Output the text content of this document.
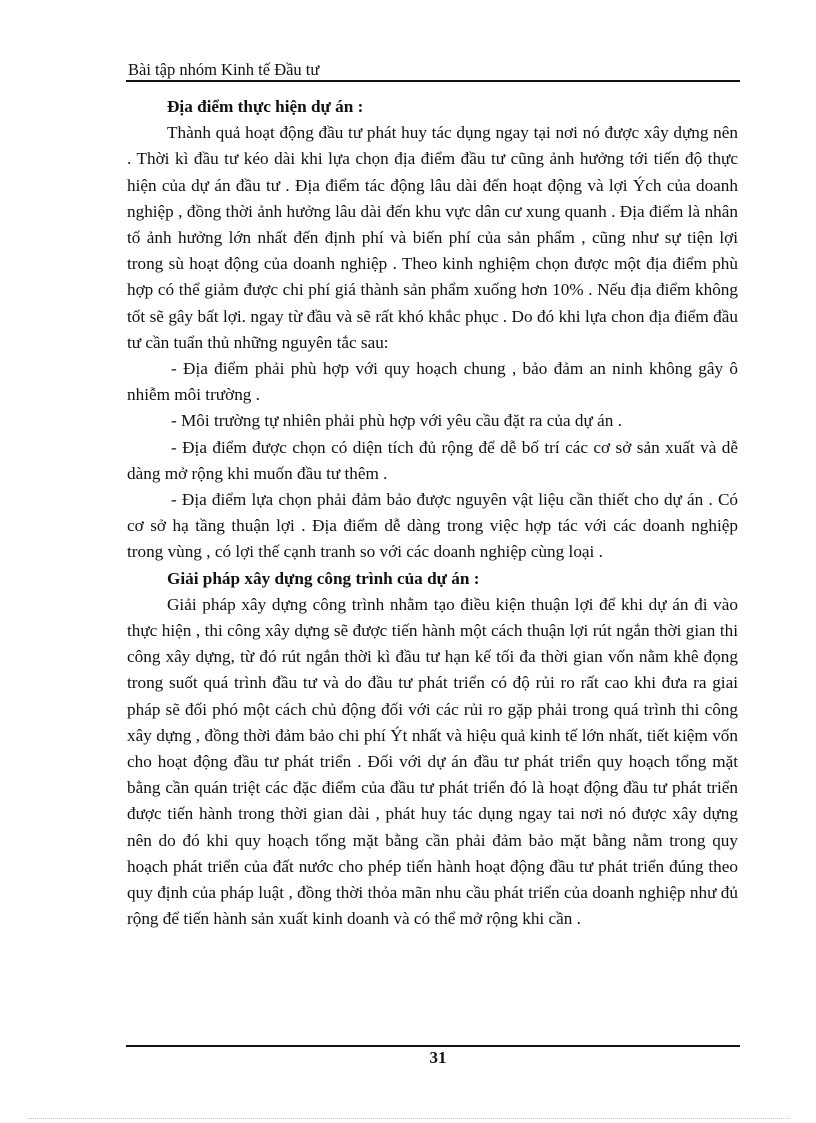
Bài tập nhóm Kinh tế Đầu tư

Địa điểm thực hiện dự án :

Thành quả hoạt động đầu tư phát huy tác dụng ngay tại nơi nó được xây dựng nên . Thời kì đầu tư kéo dài khi lựa chọn địa điểm đầu tư cũng ảnh hưởng tới tiến độ thực hiện của dự án đầu tư . Địa điểm tác động lâu dài đến hoạt động và lợi Ých của doanh nghiệp , đồng thời ảnh hưởng lâu dài đến khu vực dân cư xung quanh . Địa điểm là nhân tố ảnh hưởng lớn nhất đến định phí và biến phí của sản phẩm , cũng như sự tiện lợi trong sù hoạt động của doanh nghiệp . Theo kinh nghiệm chọn được một địa điểm phù hợp có thể giảm được chi phí giá thành sản phẩm xuống hơn 10% . Nếu địa điểm không tốt sẽ gây bất lợi. ngay từ đầu và sẽ rất khó khắc phục . Do đó khi lựa chon địa điểm đầu tư cần tuẩn thủ những nguyên tắc sau:

- Địa điểm phải phù hợp với quy hoạch chung , bảo đảm an ninh không gây ô nhiễm môi trường .

- Môi trường tự nhiên phải phù hợp với yêu cầu đặt ra của dự án .

- Địa điểm được chọn có diện tích đủ rộng để dễ bố trí các cơ sở sản xuất và dễ dàng mở rộng khi muốn đầu tư thêm .

- Địa điểm lựa chọn phải đảm bảo được nguyên vật liệu cần thiết cho dự án . Có cơ sở hạ tầng thuận lợi . Địa điểm dễ dàng trong việc hợp tác với các doanh nghiệp trong vùng , có lợi thế cạnh tranh so với các doanh nghiệp cùng loại .

Giải pháp xây dựng công trình của dự án :

Giải pháp xây dựng công trình nhằm tạo điều kiện thuận lợi để khi dự án đi vào thực hiện , thi công xây dựng sẽ được tiến hành một cách thuận lợi rút ngắn thời gian thi công xây dựng, từ đó rút ngắn thời kì đầu tư hạn kế tối đa thời gian vốn nằm khê đọng trong suốt quá trình đầu tư và do đầu tư phát triển có độ rủi ro rất cao khi đưa ra giai pháp sẽ đối phó một cách chủ động đối với các rủi ro gặp phải trong quá trình thi công xây dựng , đồng thời đảm bảo chi phí Ýt nhất và hiệu quả kinh tế lớn nhất, tiết kiệm vốn cho hoạt động đầu tư phát triển . Đối với dự án đầu tư phát triển quy hoạch tổng mặt bằng cần quán triệt các đặc điểm của đầu tư phát triển đó là hoạt động đầu tư phát triển được tiến hành trong thời gian dài , phát huy tác dụng ngay tai nơi nó được xây dựng nên do đó khi quy hoạch tổng mặt bằng cần phải đảm bảo mặt bằng nằm trong quy hoạch phát triển của đất nước cho phép tiến hành hoạt động đầu tư phát triển đúng theo quy định của pháp luật , đồng thời thỏa mãn nhu cầu phát triển của doanh nghiệp như đủ rộng để tiến hành sản xuất kinh doanh và có thể mở rộng khi cần .

31
